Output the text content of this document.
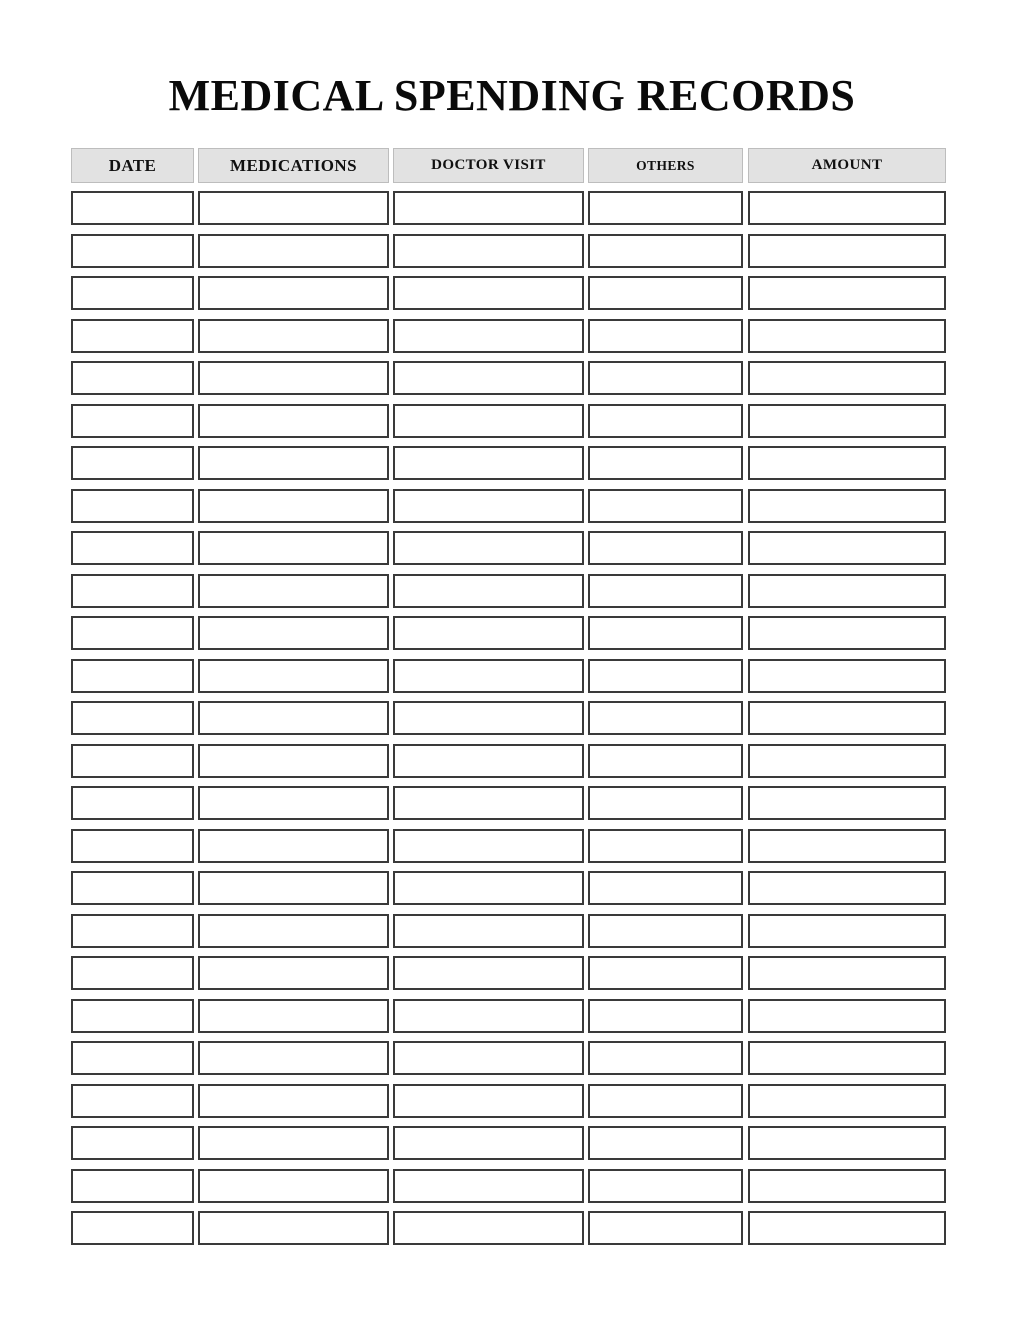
MEDICAL SPENDING RECORDS
DATE	MEDICATIONS	DOCTOR VISIT	OTHERS	AMOUNT
